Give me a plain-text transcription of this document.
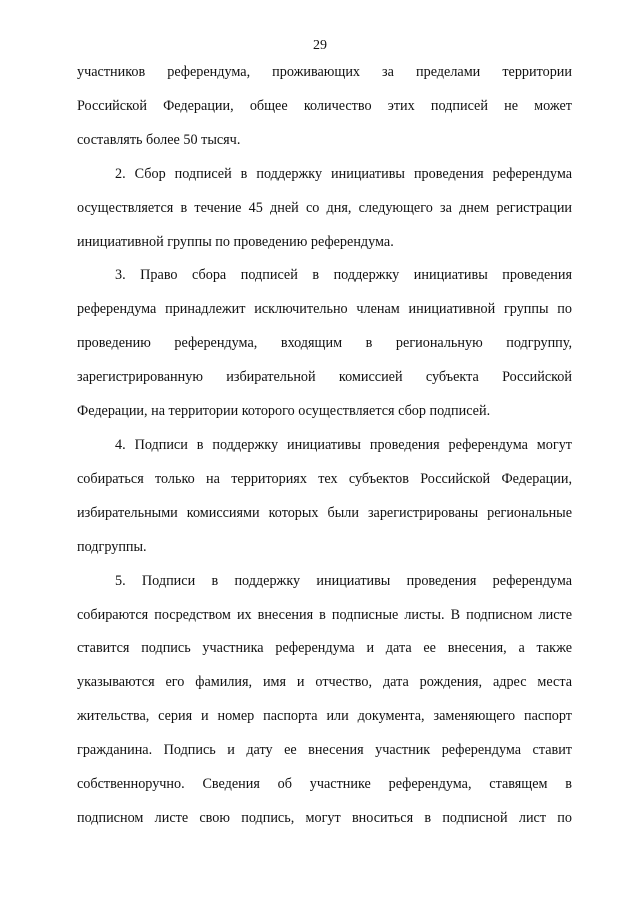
29

участников референдума, проживающих за пределами территории
Российской Федерации, общее количество этих подписей не может
составлять более 50 тысяч.

2. Сбор подписей в поддержку инициативы проведения референдума
осуществляется в течение 45 дней со дня, следующего за днем регистрации
инициативной группы по проведению референдума.

3. Право сбора подписей в поддержку инициативы проведения
референдума принадлежит исключительно членам инициативной группы по
проведению референдума, входящим в региональную подгруппу,
зарегистрированную избирательной комиссией субъекта Российской
Федерации, на территории которого осуществляется сбор подписей.

4. Подписи в поддержку инициативы проведения референдума могут
собираться только на территориях тех субъектов Российской Федерации,
избирательными комиссиями которых были зарегистрированы региональные
подгруппы.

5. Подписи в поддержку инициативы проведения референдума
собираются посредством их внесения в подписные листы. В подписном листе
ставится подпись участника референдума и дата ее внесения, а также
указываются его фамилия, имя и отчество, дата рождения, адрес места
жительства, серия и номер паспорта или документа, заменяющего паспорт
гражданина. Подпись и дату ее внесения участник референдума ставит
собственноручно. Сведения об участнике референдума, ставящем в
подписном листе свою подпись, могут вноситься в подписной лист по
